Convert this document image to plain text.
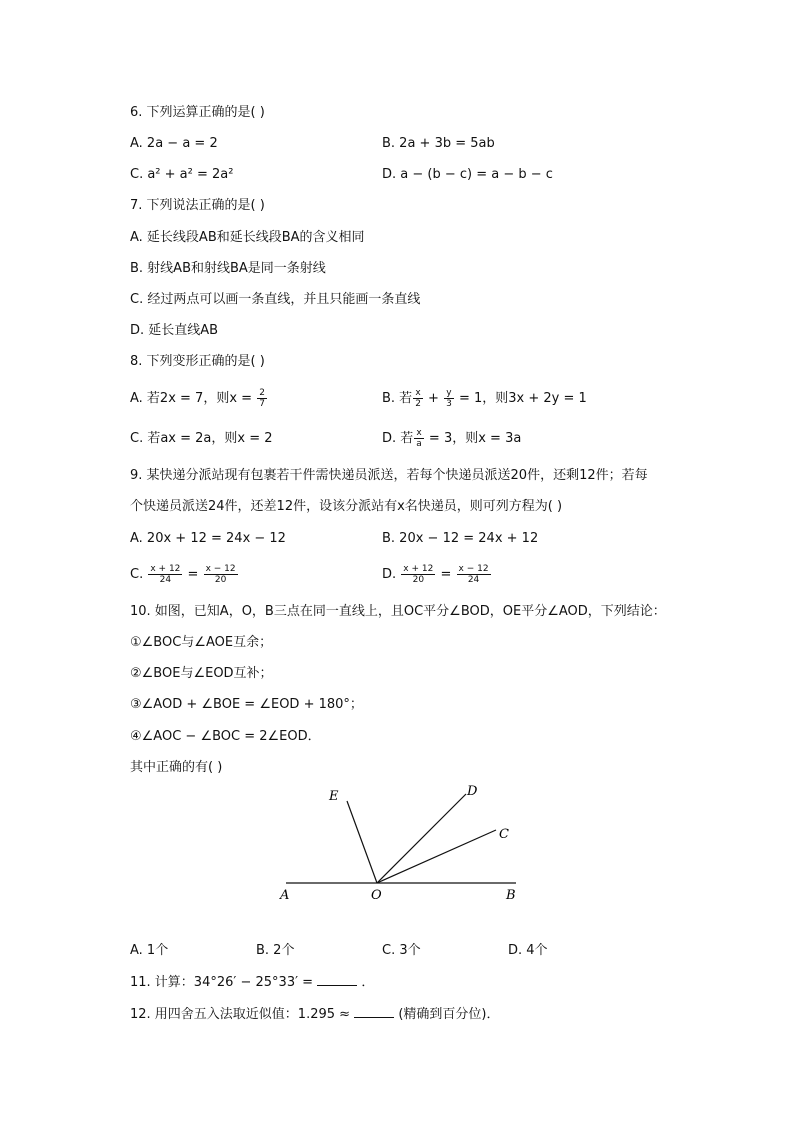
6. 下列运算正确的是( )
A. 2a − a = 2	B. 2a + 3b = 5ab
C. a² + a² = 2a²	D. a − (b − c) = a − b − c
7. 下列说法正确的是( )
A. 延长线段AB和延长线段BA的含义相同
B. 射线AB和射线BA是同一条射线
C. 经过两点可以画一条直线，并且只能画一条直线
D. 延长直线AB
8. 下列变形正确的是( )
A. 若2x = 7，则$x = \frac{2}{7}$	B. 若 $\frac{x}{2} + \frac{y}{3} = 1$，则3x + 2y = 1
C. 若ax = 2a，则x = 2	D. 若 $\frac{x}{a} = 3$，则x = 3a
9. 某快递分派站现有包裹若干件需快递员派送，若每个快递员派送20件，还剩12件；若每
个快递员派送24件，还差12件，设该分派站有x名快递员，则可列方程为( )
A. 20x + 12 = 24x − 12	B. 20x − 12 = 24x + 12
C. $\frac{x + 12}{24} = \frac{x - 12}{20}$	D. $\frac{x + 12}{20} = \frac{x - 12}{24}$
10. 如图，已知A，O，B三点在同一直线上，且OC平分∠BOD，OE平分∠AOD，下列结论：
①∠BOC与∠AOE互余；
②∠BOE与∠EOD互补；
③∠AOD + ∠BOE = ∠EOD + 180°；
④∠AOC − ∠BOC = 2∠EOD．
其中正确的有( )
E	D
C
A	O	B
A. 1个	B. 2个	C. 3个	D. 4个
11. 计算：34°26′ − 25°33′ =	．
12. 用四舍五入法取近似值：1.295 ≈	(精确到百分位)．
